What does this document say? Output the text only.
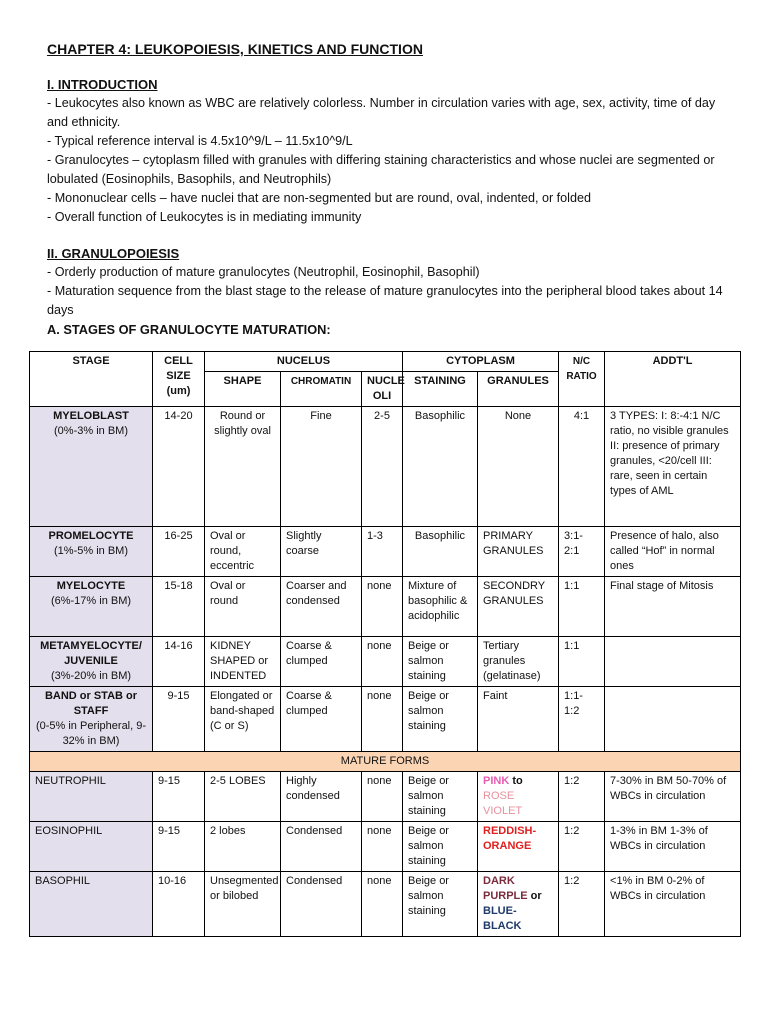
CHAPTER 4: LEUKOPOIESIS, KINETICS AND FUNCTION

I. INTRODUCTION

- Leukocytes also known as WBC are relatively colorless. Number in circulation varies with age, sex, activity, time of day and ethnicity.

- Typical reference interval is 4.5x10^9/L – 11.5x10^9/L

- Granulocytes – cytoplasm filled with granules with differing staining characteristics and whose nuclei are segmented or lobulated (Eosinophils, Basophils, and Neutrophils)

- Mononuclear cells – have nuclei that are non-segmented but are round, oval, indented, or folded

- Overall function of Leukocytes is in mediating immunity

II. GRANULOPOIESIS

- Orderly production of mature granulocytes (Neutrophil, Eosinophil, Basophil)

- Maturation sequence from the blast stage to the release of mature granulocytes into the peripheral blood takes about 14 days

A. STAGES OF GRANULOCYTE MATURATION:

STAGE	CELL SIZE (um)	NUCELUS			CYTOPLASM		N/C RATIO	ADDT'L
		SHAPE	CHROMATIN	NUCLE OLI	STAINING	GRANULES		

MYELOBLAST
(0%-3% in BM)	14-20	Round or slightly oval	Fine	2-5	Basophilic	None	4:1	3 TYPES: I: 8:-4:1 N/C ratio, no visible granules II: presence of primary granules, <20/cell III: rare, seen in certain types of AML

PROMELOCYTE
(1%-5% in BM)	16-25	Oval or round, eccentric	Slightly coarse	1-3	Basophilic	PRIMARY GRANULES	3:1- 2:1	Presence of halo, also called “Hof” in normal ones

MYELOCYTE
(6%-17% in BM)	15-18	Oval or round	Coarser and condensed	none	Mixture of basophilic & acidophilic	SECONDRY GRANULES	1:1	Final stage of Mitosis

METAMYELOCYTE/ JUVENILE
(3%-20% in BM)	14-16	KIDNEY SHAPED or INDENTED	Coarse & clumped	none	Beige or salmon staining	Tertiary granules (gelatinase)	1:1	

BAND or STAB or STAFF
(0-5% in Peripheral, 9-32% in BM)	9-15	Elongated or band-shaped (C or S)	Coarse & clumped	none	Beige or salmon staining	Faint	1:1- 1:2	
MATURE FORMS								
NEUTROPHIL	9-15	2-5 LOBES	Highly condensed	none	Beige or salmon staining	PINK to ROSE VIOLET	1:2	7-30% in BM 50-70% of WBCs in circulation
EOSINOPHIL	9-15	2 lobes	Condensed	none	Beige or salmon staining	REDDISH-ORANGE	1:2	1-3% in BM 1-3% of WBCs in circulation
BASOPHIL	10-16	Unsegmented or bilobed	Condensed	none	Beige or salmon staining	DARK PURPLE or BLUE-BLACK	1:2	<1% in BM 0-2% of WBCs in circulation
